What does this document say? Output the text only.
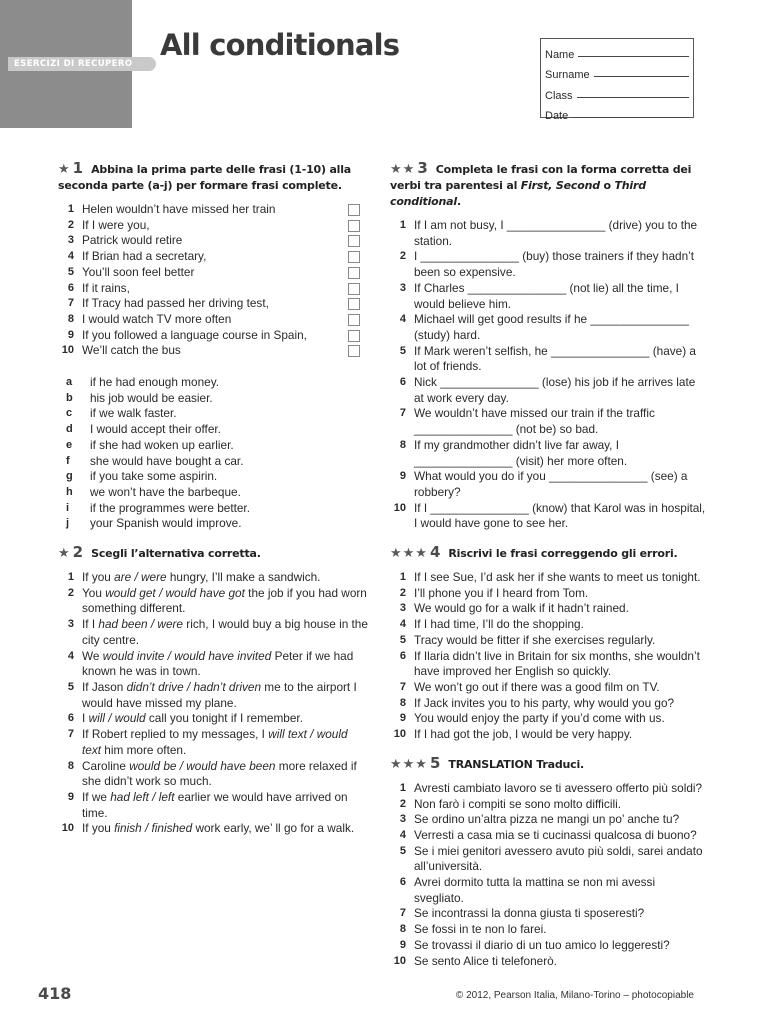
ESERCIZI DI RECUPERO
All conditionals	Name
Surname
Class
Date
★ 1 Abbina la prima parte delle frasi (1-10) alla seconda parte (a-j) per formare frasi complete.
1 Helen wouldn’t have missed her train
2 If I were you,
3 Patrick would retire
4 If Brian had a secretary,
5 You’ll soon feel better
6 If it rains,
7 If Tracy had passed her driving test,
8 I would watch TV more often
9 If you followed a language course in Spain,
10 We’ll catch the bus
a	if he had enough money.
b	his job would be easier.
c	if we walk faster.
d	I would accept their offer.
e	if she had woken up earlier.
f	she would have bought a car.
g	if you take some aspirin.
h	we won’t have the barbeque.
i	if the programmes were better.
j	your Spanish would improve.
★ 2 Scegli l’alternativa corretta.
1 If you are / were hungry, I’ll make a sandwich.
2 You would get / would have got the job if you had worn something different.
3 If I had been / were rich, I would buy a big house in the city centre.
4 We would invite / would have invited Peter if we had known he was in town.
5 If Jason didn’t drive / hadn’t driven me to the airport I would have missed my plane.
6 I will / would call you tonight if I remember.
7 If Robert replied to my messages, I will text / would text him more often.
8 Caroline would be / would have been more relaxed if she didn’t work so much.
9 If we had left / left earlier we would have arrived on time.
10 If you finish / finished work early, we’ ll go for a walk.
★★ 3 Completa le frasi con la forma corretta dei verbi tra parentesi al First, Second o Third conditional.
1 If I am not busy, I _______________ (drive) you to the station.
2 I _______________ (buy) those trainers if they hadn’t been so expensive.
3 If Charles _______________ (not lie) all the time, I would believe him.
4 Michael will get good results if he _______________ (study) hard.
5 If Mark weren’t selfish, he _______________ (have) a lot of friends.
6 Nick _______________ (lose) his job if he arrives late at work every day.
7 We wouldn’t have missed our train if the traffic _______________ (not be) so bad.
8 If my grandmother didn’t live far away, I _______________ (visit) her more often.
9 What would you do if you _______________ (see) a robbery?
10 If I _______________ (know) that Karol was in hospital, I would have gone to see her.
★★★ 4 Riscrivi le frasi correggendo gli errori.
1 If I see Sue, I’d ask her if she wants to meet us tonight.
2 I’ll phone you if I heard from Tom.
3 We would go for a walk if it hadn’t rained.
4 If I had time, I’ll do the shopping.
5 Tracy would be fitter if she exercises regularly.
6 If Ilaria didn’t live in Britain for six months, she wouldn’t have improved her English so quickly.
7 We won’t go out if there was a good film on TV.
8 If Jack invites you to his party, why would you go?
9 You would enjoy the party if you’d come with us.
10 If I had got the job, I would be very happy.
★★★ 5 TRANSLATION Traduci.
1 Avresti cambiato lavoro se ti avessero offerto più soldi?
2 Non farò i compiti se sono molto difficili.
3 Se ordino un’altra pizza ne mangi un po’ anche tu?
4 Verresti a casa mia se ti cucinassi qualcosa di buono?
5 Se i miei genitori avessero avuto più soldi, sarei andato all’università.
6 Avrei dormito tutta la mattina se non mi avessi svegliato.
7 Se incontrassi la donna giusta ti sposeresti?
8 Se fossi in te non lo farei.
9 Se trovassi il diario di un tuo amico lo leggeresti?
10 Se sento Alice ti telefonerò.
418	© 2012, Pearson Italia, Milano-Torino – photocopiable
